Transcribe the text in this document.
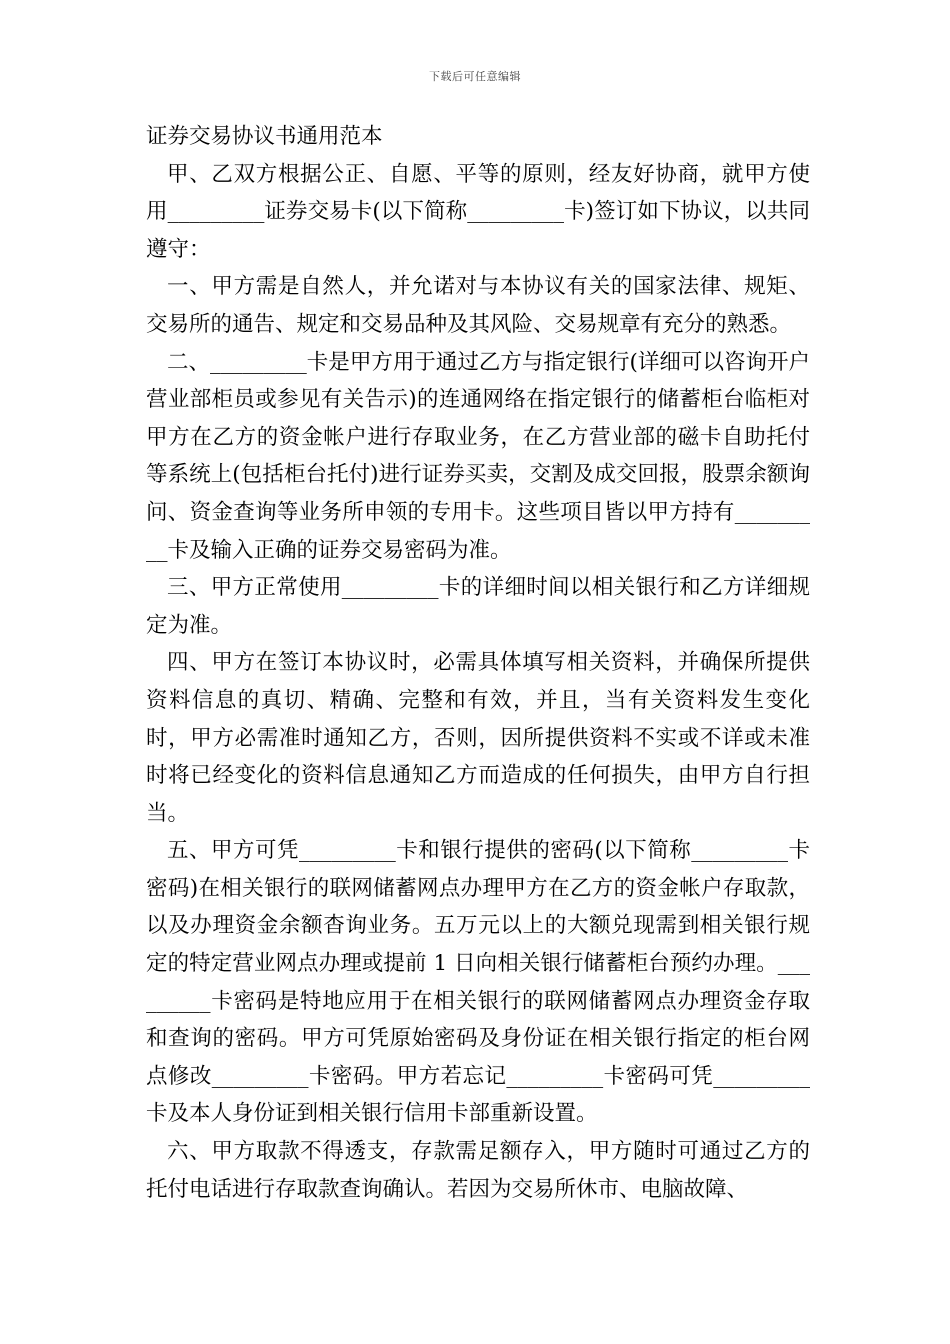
下载后可任意编辑

证券交易协议书通用范本

甲、乙双方根据公正、自愿、平等的原则，经友好协商，就甲方使用_________证券交易卡(以下简称_________卡)签订如下协议，以共同遵守：

一、甲方需是自然人，并允诺对与本协议有关的国家法律、规矩、交易所的通告、规定和交易品种及其风险、交易规章有充分的熟悉。

二、_________卡是甲方用于通过乙方与指定银行(详细可以咨询开户营业部柜员或参见有关告示)的连通网络在指定银行的储蓄柜台临柜对甲方在乙方的资金帐户进行存取业务，在乙方营业部的磁卡自助托付等系统上(包括柜台托付)进行证券买卖，交割及成交回报，股票余额询问、资金查询等业务所申领的专用卡。这些项目皆以甲方持有_________卡及输入正确的证券交易密码为准。

三、甲方正常使用_________卡的详细时间以相关银行和乙方详细规定为准。

四、甲方在签订本协议时，必需具体填写相关资料，并确保所提供资料信息的真切、精确、完整和有效，并且，当有关资料发生变化时，甲方必需准时通知乙方，否则，因所提供资料不实或不详或未准时将已经变化的资料信息通知乙方而造成的任何损失，由甲方自行担当。

五、甲方可凭_________卡和银行提供的密码(以下简称_________卡密码)在相关银行的联网储蓄网点办理甲方在乙方的资金帐户存取款，以及办理资金余额杳询业务。五万元以上的大额兑现需到相关银行规定的特定营业网点办理或提前 1 日向相关银行储蓄柜台预约办理。_________卡密码是特地应用于在相关银行的联网储蓄网点办理资金存取和查询的密码。甲方可凭原始密码及身份证在相关银行指定的柜台网点修改_________卡密码。甲方若忘记_________卡密码可凭_________卡及本人身份证到相关银行信用卡部重新设置。

六、甲方取款不得透支，存款需足额存入，甲方随时可通过乙方的托付电话进行存取款查询确认。若因为交易所休市、电脑故障、
